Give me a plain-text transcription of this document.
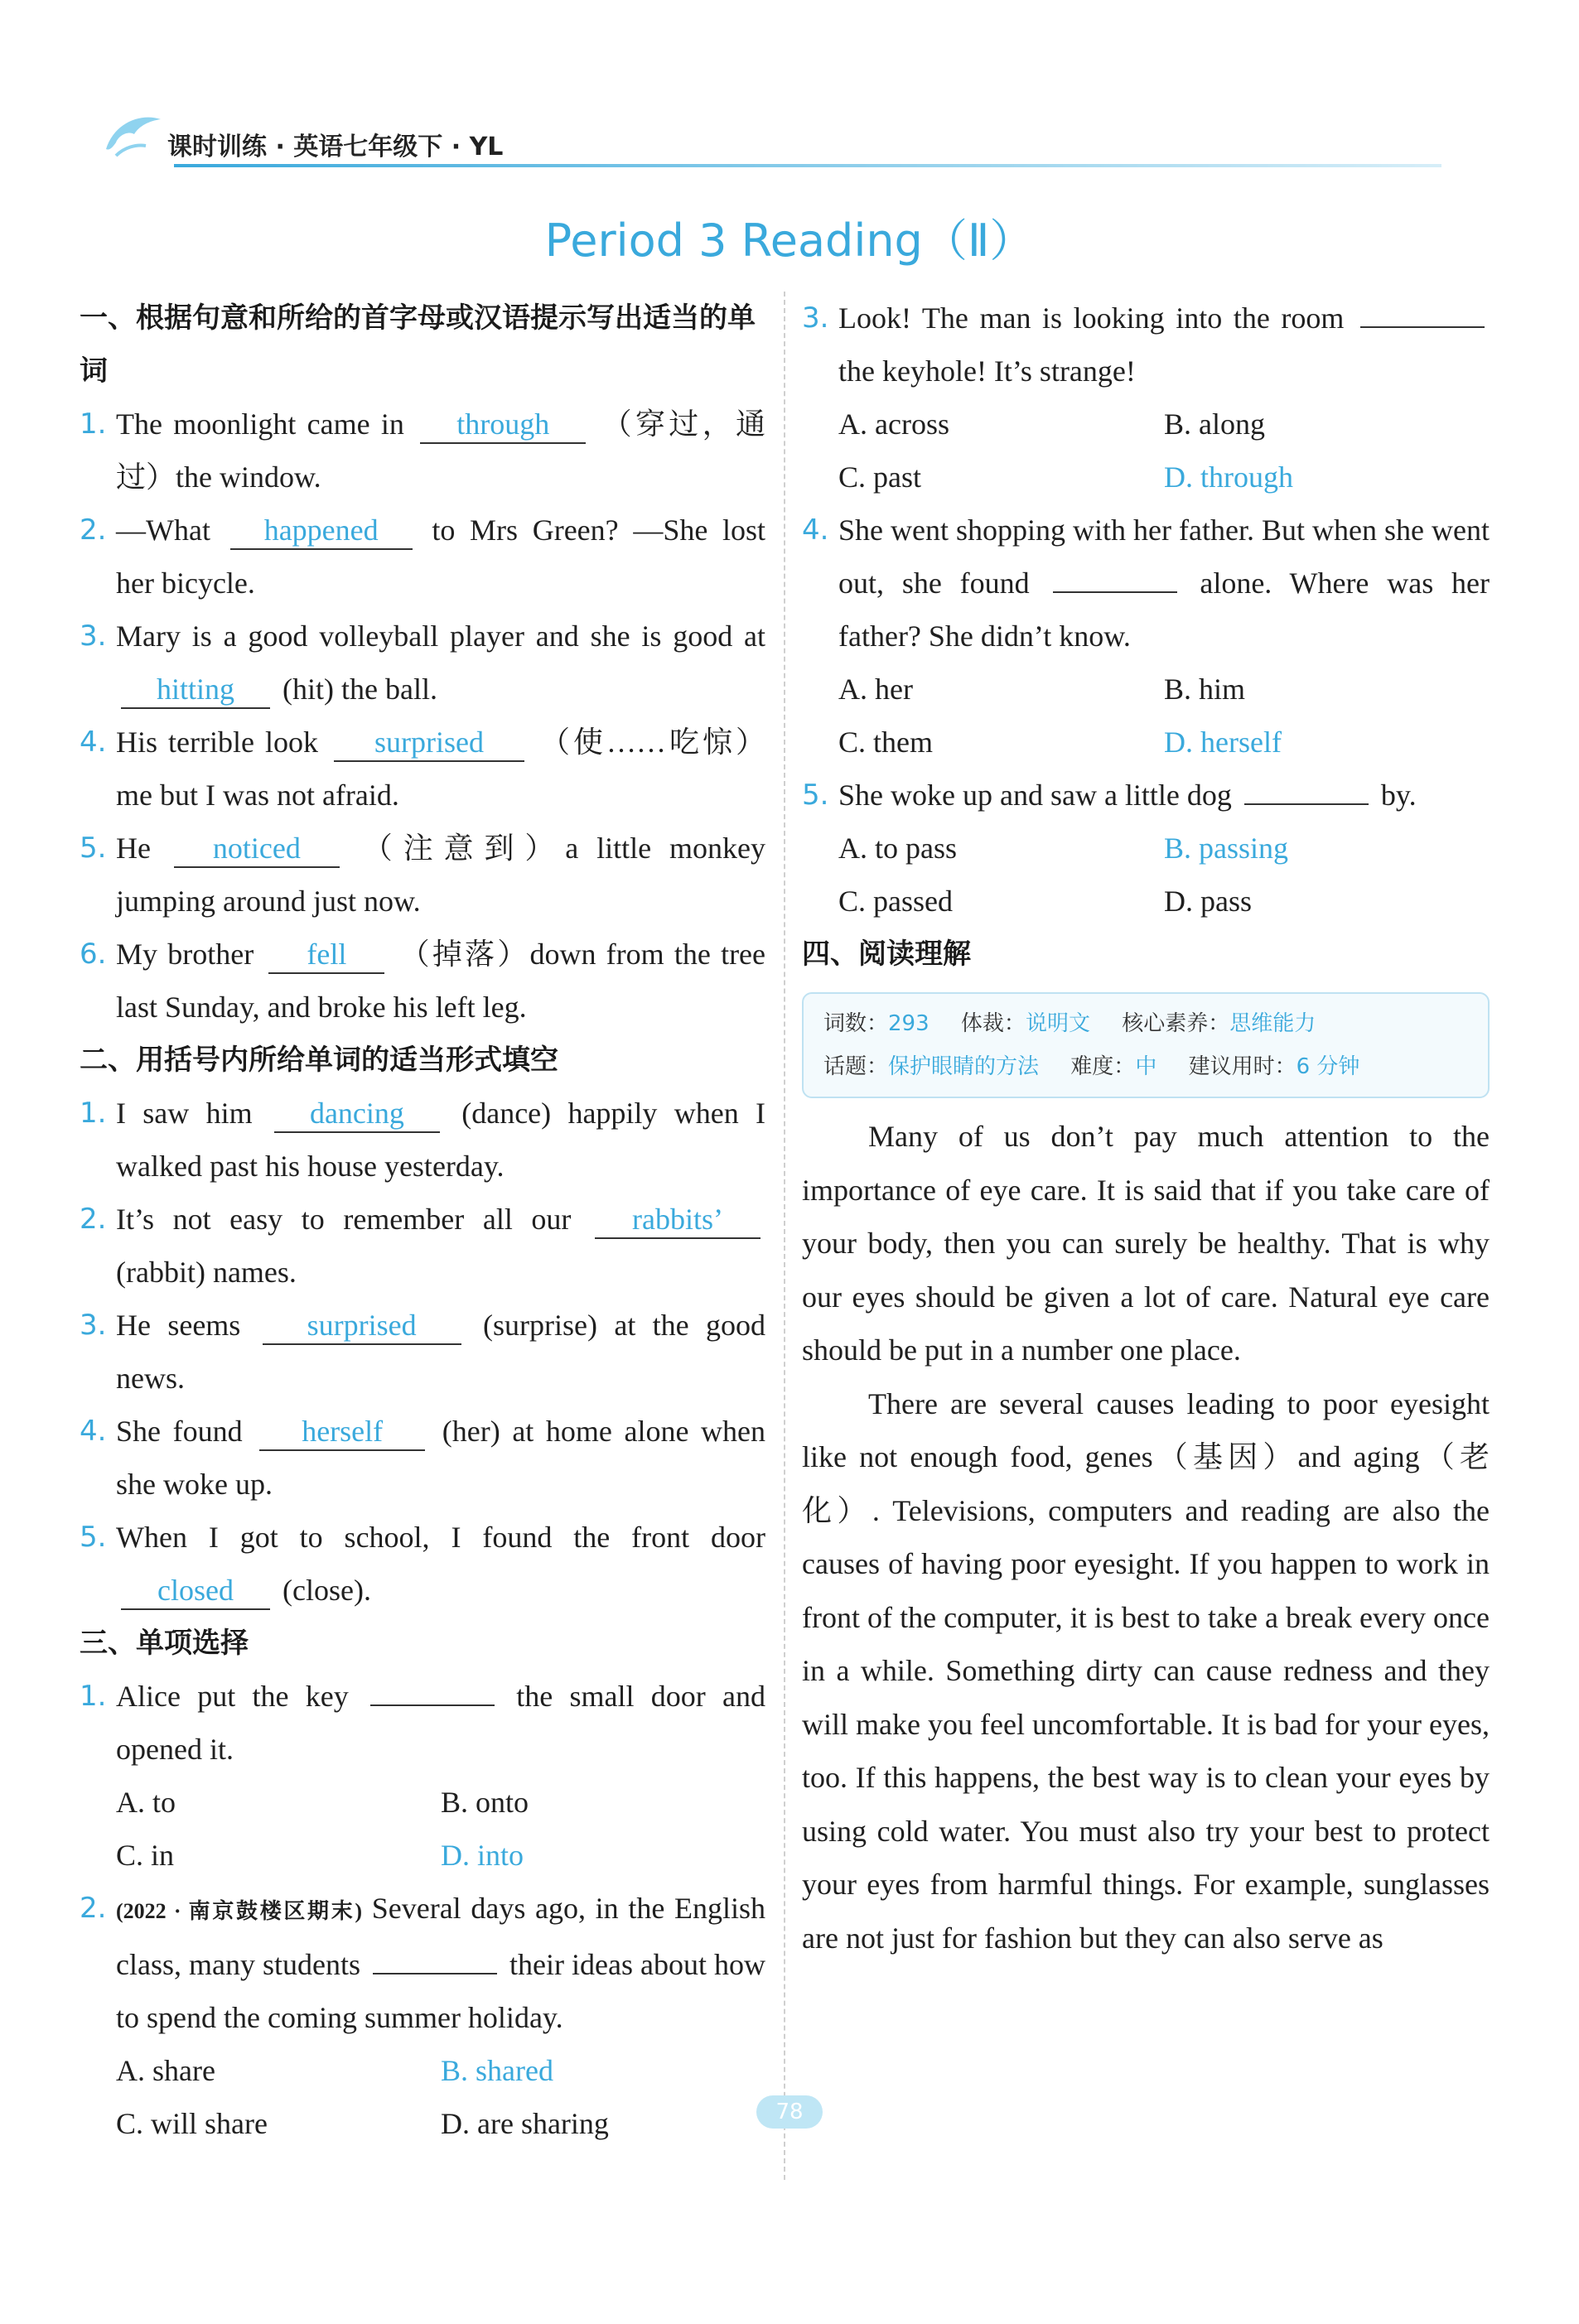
课时训练 · 英语七年级下 · YL
Period 3 Reading（Ⅱ）
一、根据句意和所给的首字母或汉语提示写出适当的单词
1. The moonlight came in through （穿过，通过）the window.
2. —What happened to Mrs Green? —She lost her bicycle.
3. Mary is a good volleyball player and she is good at hitting (hit) the ball.
4. His terrible look surprised （使……吃惊）me but I was not afraid.
5. He noticed （注意到）a little monkey jumping around just now.
6. My brother fell （掉落）down from the tree last Sunday, and broke his left leg.
二、用括号内所给单词的适当形式填空
1. I saw him dancing (dance) happily when I walked past his house yesterday.
2. It’s not easy to remember all our rabbits’ (rabbit) names.
3. He seems surprised (surprise) at the good news.
4. She found herself (her) at home alone when she woke up.
5. When I got to school, I found the front door closed (close).
三、单项选择
1. Alice put the key	the small door and opened it.
A. to	B. onto
C. in	D. into
2. (2022 · 南京鼓楼区期末) Several days ago, in the English class, many students	their ideas about how to spend the coming summer holiday.
A. share	B. shared
C. will share	D. are sharing
3. Look! The man is looking into the room  the keyhole! It’s strange!
A. across	B. along
C. past	D. through
4. She went shopping with her father. But when she went out, she found	alone. Where was her father? She didn’t know.
A. her	B. him
C. them	D. herself
5. She woke up and saw a little dog	by.
A. to pass	B. passing
C. passed	D. pass
四、阅读理解
词数：293 体裁：说明文 核心素养：思维能力
话题：保护眼睛的方法 难度：中 建议用时：6 分钟

Many of us don’t pay much attention to the importance of eye care. It is said that if you take care of your body, then you can surely be healthy. That is why our eyes should be given a lot of care. Natural eye care should be put in a number one place.

There are several causes leading to poor eyesight like not enough food, genes（基因）and aging（老化）. Televisions, computers and reading are also the causes of having poor eyesight. If you happen to work in front of the computer, it is best to take a break every once in a while. Something dirty can cause redness and they will make you feel uncomfortable. It is bad for your eyes, too. If this happens, the best way is to clean your eyes by using cold water. You must also try your best to protect your eyes from harmful things. For example, sunglasses are not just for fashion but they can also serve as

78
